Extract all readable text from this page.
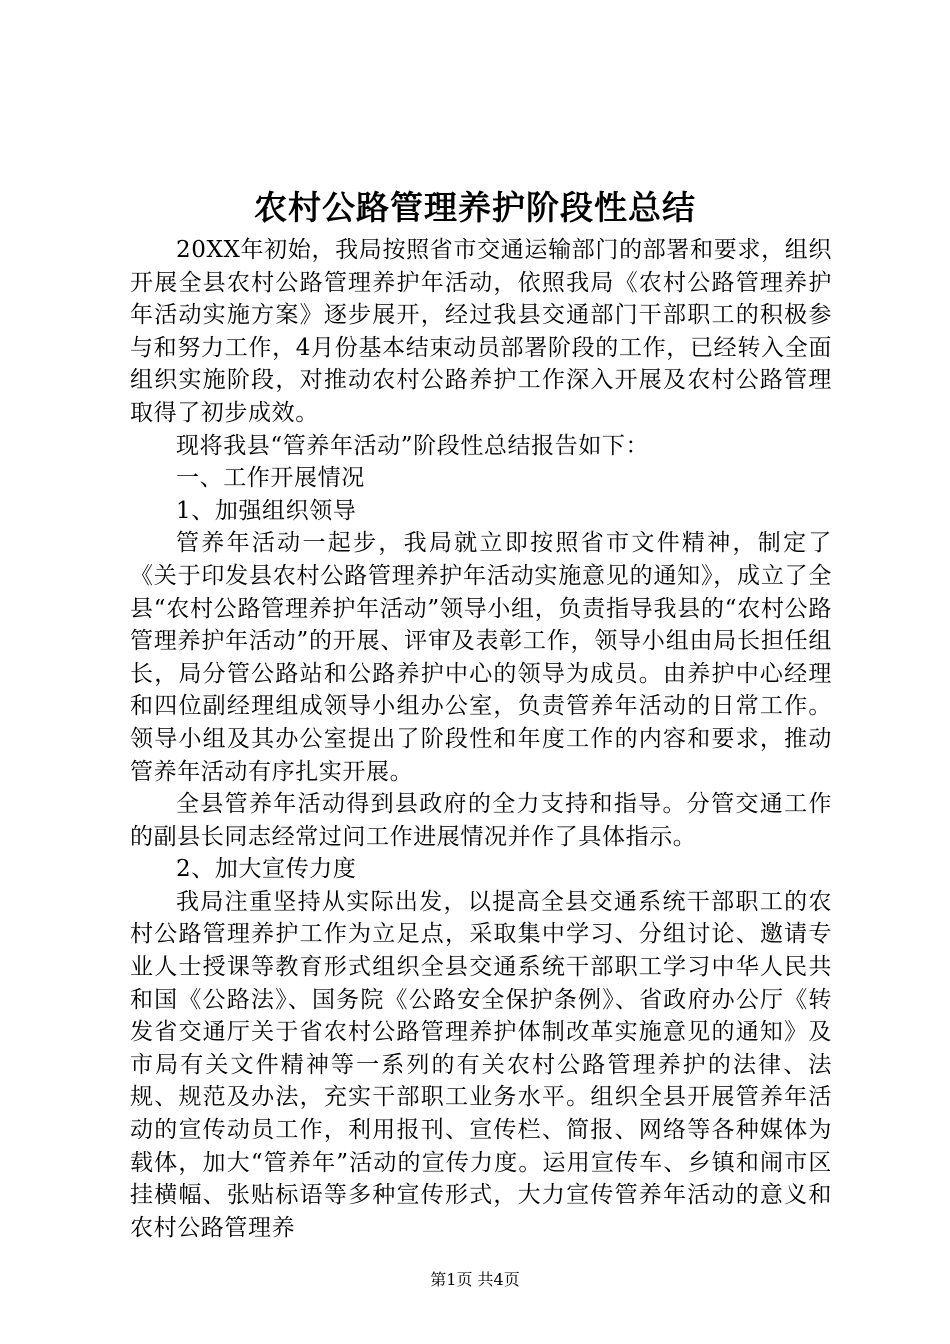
农村公路管理养护阶段性总结

20XX年初始，我局按照省市交通运输部门的部署和要求，组织开展全县农村公路管理养护年活动，依照我局《农村公路管理养护年活动实施方案》逐步展开，经过我县交通部门干部职工的积极参与和努力工作，4月份基本结束动员部署阶段的工作，已经转入全面组织实施阶段，对推动农村公路养护工作深入开展及农村公路管理取得了初步成效。

现将我县“管养年活动”阶段性总结报告如下：

一、工作开展情况

1、加强组织领导

管养年活动一起步，我局就立即按照省市文件精神，制定了《关于印发县农村公路管理养护年活动实施意见的通知》，成立了全县“农村公路管理养护年活动”领导小组，负责指导我县的“农村公路管理养护年活动”的开展、评审及表彰工作，领导小组由局长担任组长，局分管公路站和公路养护中心的领导为成员。由养护中心经理和四位副经理组成领导小组办公室，负责管养年活动的日常工作。领导小组及其办公室提出了阶段性和年度工作的内容和要求，推动管养年活动有序扎实开展。

全县管养年活动得到县政府的全力支持和指导。分管交通工作的副县长同志经常过问工作进展情况并作了具体指示。

2、加大宣传力度

我局注重坚持从实际出发，以提高全县交通系统干部职工的农村公路管理养护工作为立足点，采取集中学习、分组讨论、邀请专业人士授课等教育形式组织全县交通系统干部职工学习中华人民共和国《公路法》、国务院《公路安全保护条例》、省政府办公厅《转发省交通厅关于省农村公路管理养护体制改革实施意见的通知》及市局有关文件精神等一系列的有关农村公路管理养护的法律、法规、规范及办法，充实干部职工业务水平。组织全县开展管养年活动的宣传动员工作，利用报刊、宣传栏、简报、网络等各种媒体为载体，加大“管养年”活动的宣传力度。运用宣传车、乡镇和闹市区挂横幅、张贴标语等多种宣传形式，大力宣传管养年活动的意义和农村公路管理养

第1页 共4页
